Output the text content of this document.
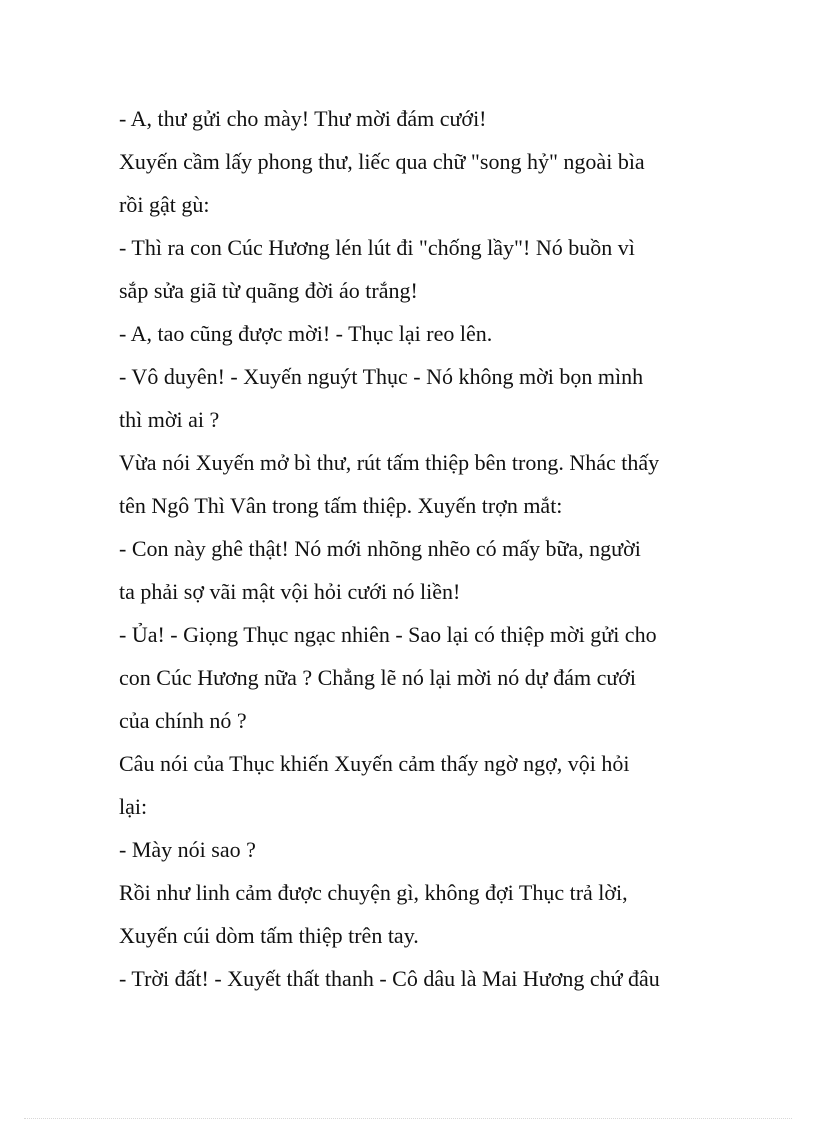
- A, thư gửi cho mày! Thư mời đám cưới!
Xuyến cầm lấy phong thư, liếc qua chữ "song hỷ" ngoài bìa
rồi gật gù:
- Thì ra con Cúc Hương lén lút đi "chống lầy"! Nó buồn vì
sắp sửa giã từ quãng đời áo trắng!
- A, tao cũng được mời! - Thục lại reo lên.
- Vô duyên! - Xuyến nguýt Thục - Nó không mời bọn mình
thì mời ai ?
Vừa nói Xuyến mở bì thư, rút tấm thiệp bên trong. Nhác thấy
tên Ngô Thì Vân trong tấm thiệp. Xuyến trợn mắt:
- Con này ghê thật! Nó mới nhõng nhẽo có mấy bữa, người
ta phải sợ vãi mật vội hỏi cưới nó liền!
- Ủa! - Giọng Thục ngạc nhiên - Sao lại có thiệp mời gửi cho
con Cúc Hương nữa ? Chẳng lẽ nó lại mời nó dự đám cưới
của chính nó ?
Câu nói của Thục khiến Xuyến cảm thấy ngờ ngợ, vội hỏi
lại:
- Mày nói sao ?
Rồi như linh cảm được chuyện gì, không đợi Thục trả lời,
Xuyến cúi dòm tấm thiệp trên tay.
- Trời đất! - Xuyết thất thanh - Cô dâu là Mai Hương chứ đâu
